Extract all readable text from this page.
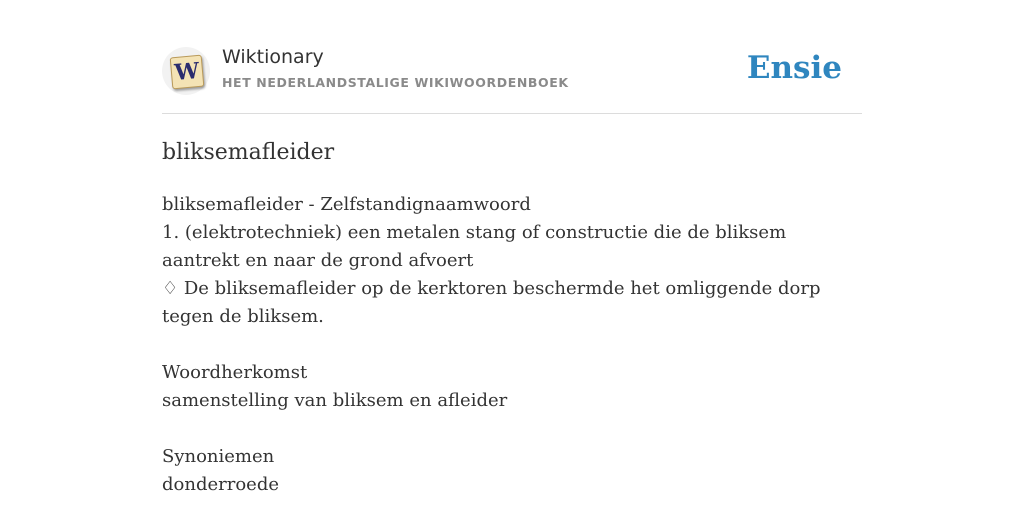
W
Wiktionary
HET NEDERLANDSTALIGE WIKIWOORDENBOEK	Ensie
bliksemafleider
bliksemafleider - Zelfstandignaamwoord
1. (elektrotechniek) een metalen stang of constructie die de bliksem aantrekt en naar de grond afvoert
♢ De bliksemafleider op de kerktoren beschermde het omliggende dorp tegen de bliksem.
Woordherkomst
samenstelling van bliksem en afleider
Synoniemen
donderroede
